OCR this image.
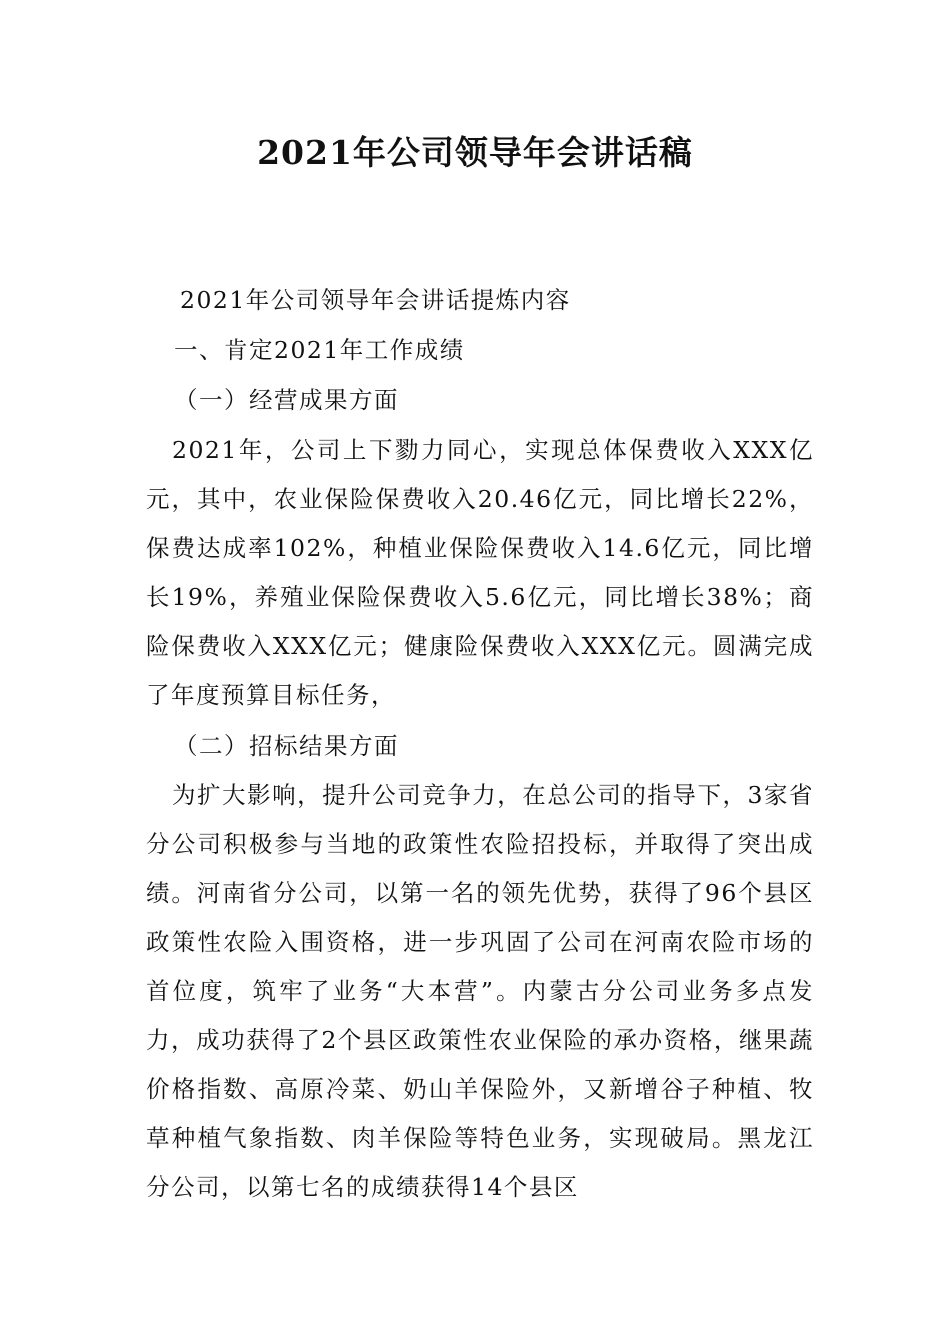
2021年公司领导年会讲话稿
2021年公司领导年会讲话提炼内容
一、肯定2021年工作成绩
（一）经营成果方面
2021年，公司上下勠力同心，实现总体保费收入XXX亿元，其中，农业保险保费收入20.46亿元，同比增长22%，保费达成率102%，种植业保险保费收入14.6亿元，同比增长19%，养殖业保险保费收入5.6亿元，同比增长38%；商险保费收入XXX亿元；健康险保费收入XXX亿元。圆满完成了年度预算目标任务，
（二）招标结果方面
为扩大影响，提升公司竞争力，在总公司的指导下，3家省分公司积极参与当地的政策性农险招投标，并取得了突出成绩。河南省分公司，以第一名的领先优势，获得了96个县区政策性农险入围资格，进一步巩固了公司在河南农险市场的首位度，筑牢了业务“大本营”。内蒙古分公司业务多点发力，成功获得了2个县区政策性农业保险的承办资格，继果蔬价格指数、高原冷菜、奶山羊保险外，又新增谷子种植、牧草种植气象指数、肉羊保险等特色业务，实现破局。黑龙江分公司，以第七名的成绩获得14个县区
